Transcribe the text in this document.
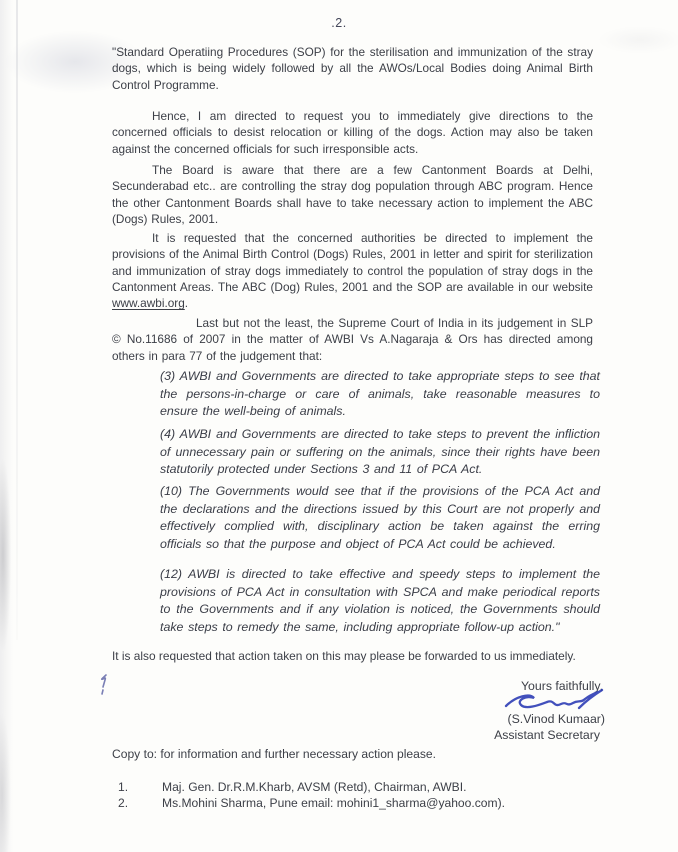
.2.

"Standard Operatiing Procedures (SOP) for the sterilisation and immunization of the stray dogs, which is being widely followed by all the AWOs/Local Bodies doing Animal Birth Control Programme.

Hence, I am directed to request you to immediately give directions to the concerned officials to desist relocation or killing of the dogs. Action may also be taken against the concerned officials for such irresponsible acts.

The Board is aware that there are a few Cantonment Boards at Delhi, Secunderabad etc.. are controlling the stray dog population through ABC program. Hence the other Cantonment Boards shall have to take necessary action to implement the ABC (Dogs) Rules, 2001.

It is requested that the concerned authorities be directed to implement the provisions of the Animal Birth Control (Dogs) Rules, 2001 in letter and spirit for sterilization and immunization of stray dogs immediately to control the population of stray dogs in the Cantonment Areas. The ABC (Dog) Rules, 2001 and the SOP are available in our website www.awbi.org.

Last but not the least, the Supreme Court of India in its judgement in SLP © No.11686 of 2007 in the matter of AWBI Vs A.Nagaraja & Ors has directed among others in para 77 of the judgement that:

(3) AWBI and Governments are directed to take appropriate steps to see that the persons-in-charge or care of animals, take reasonable measures to ensure the well-being of animals.

(4) AWBI and Governments are directed to take steps to prevent the infliction of unnecessary pain or suffering on the animals, since their rights have been statutorily protected under Sections 3 and 11 of PCA Act.

(10) The Governments would see that if the provisions of the PCA Act and the declarations and the directions issued by this Court are not properly and effectively complied with, disciplinary action be taken against the erring officials so that the purpose and object of PCA Act could be achieved.

(12) AWBI is directed to take effective and speedy steps to implement the provisions of PCA Act in consultation with SPCA and make periodical reports to the Governments and if any violation is noticed, the Governments should take steps to remedy the same, including appropriate follow-up action."

It is also requested that action taken on this may please be forwarded to us immediately.

Yours faithfully,

(S.Vinod Kumaar)

Assistant Secretary

Copy to: for information and further necessary action please.

1.	Maj. Gen. Dr.R.M.Kharb, AVSM (Retd), Chairman, AWBI.
2.	Ms.Mohini Sharma, Pune email: mohini1_sharma@yahoo.com).
